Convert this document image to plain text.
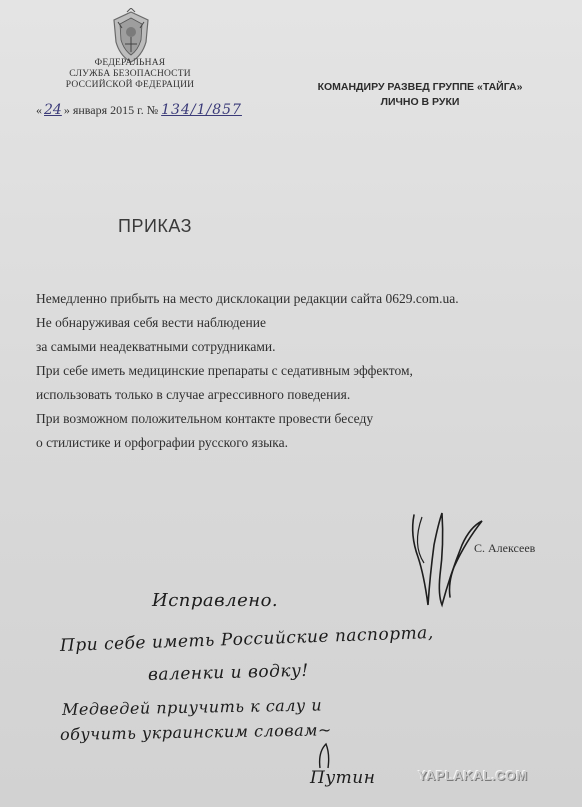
ФЕДЕРАЛЬНАЯ
СЛУЖБА БЕЗОПАСНОСТИ
РОССИЙСКОЙ ФЕДЕРАЦИИ
« 24 » января 2015 г. № 134/1/857
КОМАНДИРУ РАЗВЕД ГРУППЕ «ТАЙГА»
ЛИЧНО В РУКИ
ПРИКАЗ
Немедленно прибыть на место дисклокации редакции сайта 0629.com.ua.
Не обнаруживая себя вести наблюдение
за самыми неадекватными сотрудниками.
При себе иметь медицинские препараты с седативным эффектом,
использовать только в случае агрессивного поведения.
При возможном положительном контакте провести беседу
о стилистике и орфографии русского языка.
С. Алексеев
Исправлено.
При себе иметь Российские паспорта,
валенки и водку!
Медведей приучить к салу и
обучить украинским словам~
Путин	YAPLAKAL.COM
